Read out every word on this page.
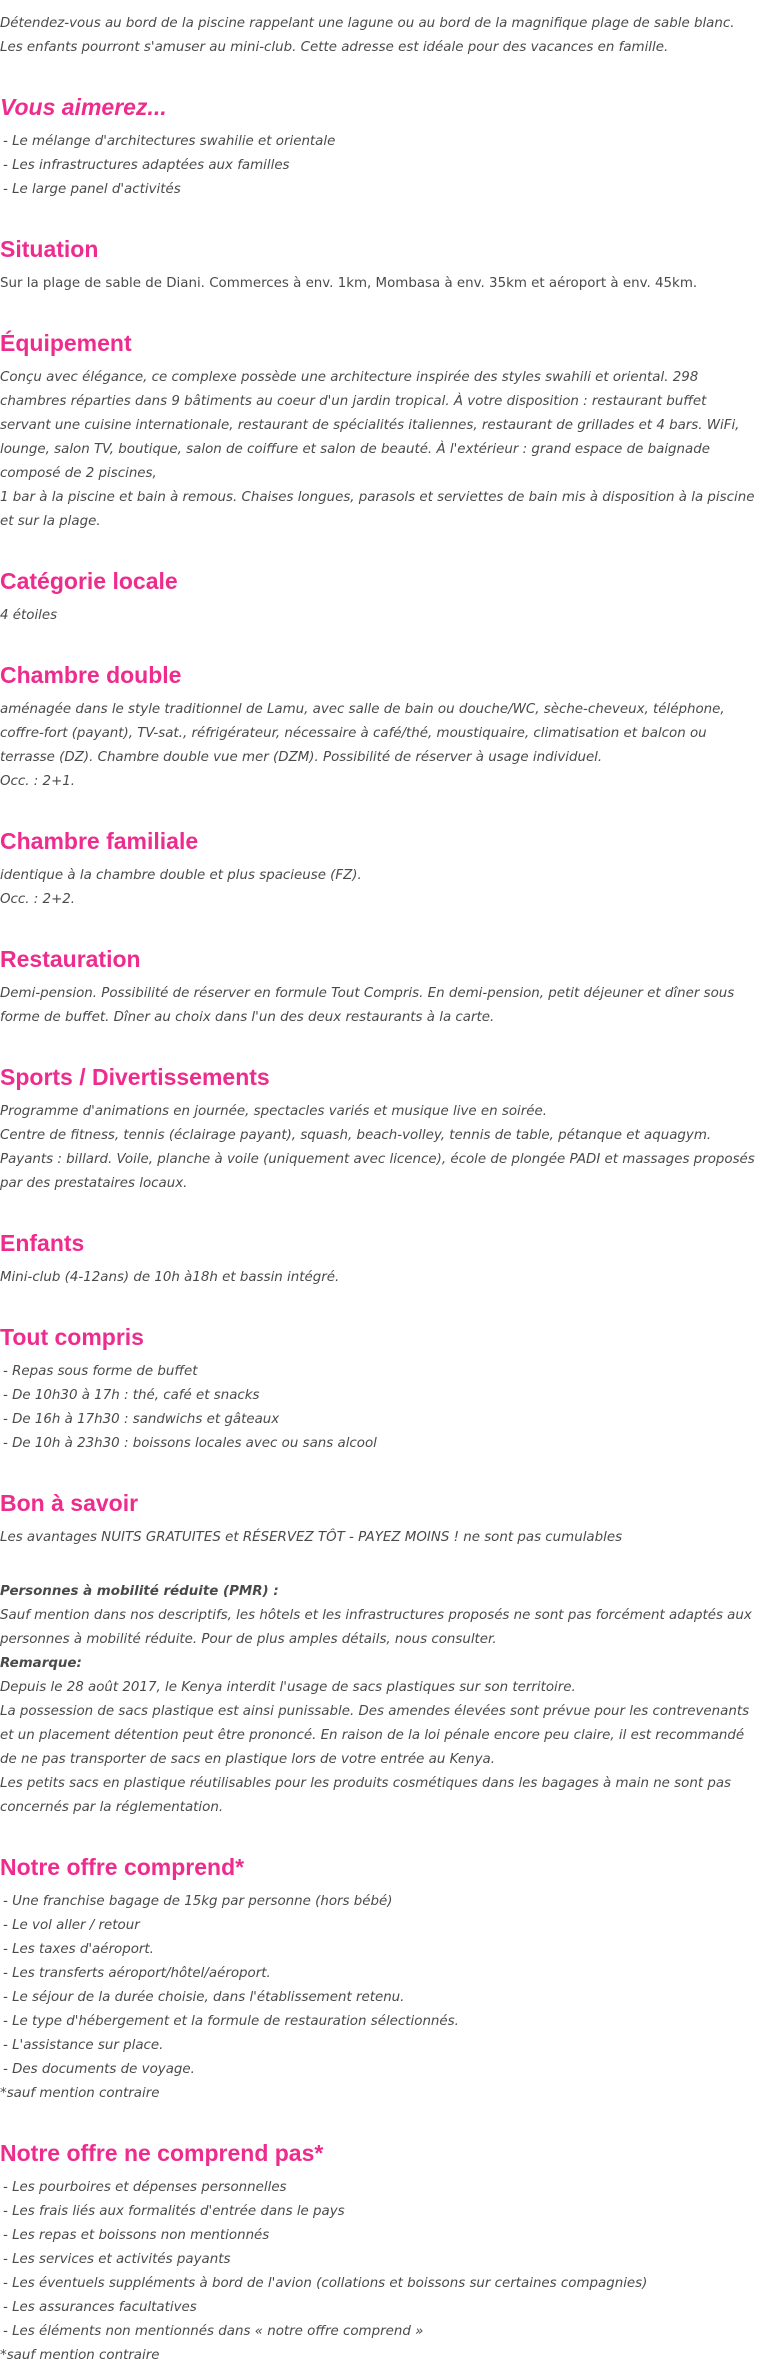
Détendez-vous au bord de la piscine rappelant une lagune ou au bord de la magnifique plage de sable blanc. Les enfants pourront s'amuser au mini-club. Cette adresse est idéale pour des vacances en famille.

Vous aimerez...
- Le mélange d'architectures swahilie et orientale
- Les infrastructures adaptées aux familles
- Le large panel d'activités
Situation

Sur la plage de sable de Diani. Commerces à env. 1km, Mombasa à env. 35km et aéroport à env. 45km.

Équipement

Conçu avec élégance, ce complexe possède une architecture inspirée des styles swahili et oriental. 298 chambres réparties dans 9 bâtiments au coeur d'un jardin tropical. À votre disposition : restaurant buffet servant une cuisine internationale, restaurant de spécialités italiennes, restaurant de grillades et 4 bars. WiFi, lounge, salon TV, boutique, salon de coiffure et salon de beauté. À l'extérieur : grand espace de baignade composé de 2 piscines,

1 bar à la piscine et bain à remous. Chaises longues, parasols et serviettes de bain mis à disposition à la piscine et sur la plage.

Catégorie locale

4 étoiles

Chambre double

aménagée dans le style traditionnel de Lamu, avec salle de bain ou douche/WC, sèche-cheveux, téléphone, coffre-fort (payant), TV-sat., réfrigérateur, nécessaire à café/thé, moustiquaire, climatisation et balcon ou terrasse (DZ). Chambre double vue mer (DZM). Possibilité de réserver à usage individuel.

Occ. : 2+1.

Chambre familiale

identique à la chambre double et plus spacieuse (FZ).

Occ. : 2+2.

Restauration

Demi-pension. Possibilité de réserver en formule Tout Compris. En demi-pension, petit déjeuner et dîner sous forme de buffet. Dîner au choix dans l'un des deux restaurants à la carte.

Sports / Divertissements

Programme d'animations en journée, spectacles variés et musique live en soirée.

Centre de fitness, tennis (éclairage payant), squash, beach-volley, tennis de table, pétanque et aquagym.

Payants : billard. Voile, planche à voile (uniquement avec licence), école de plongée PADI et massages proposés par des prestataires locaux.

Enfants

Mini-club (4-12ans) de 10h à18h et bassin intégré.

Tout compris
- Repas sous forme de buffet
- De 10h30 à 17h : thé, café et snacks
- De 16h à 17h30 : sandwichs et gâteaux
- De 10h à 23h30 : boissons locales avec ou sans alcool
Bon à savoir

Les avantages NUITS GRATUITES et RÉSERVEZ TÔT - PAYEZ MOINS ! ne sont pas cumulables

Personnes à mobilité réduite (PMR) :

Sauf mention dans nos descriptifs, les hôtels et les infrastructures proposés ne sont pas forcément adaptés aux personnes à mobilité réduite. Pour de plus amples détails, nous consulter.

Remarque:

Depuis le 28 août 2017, le Kenya interdit l'usage de sacs plastiques sur son territoire.

La possession de sacs plastique est ainsi punissable. Des amendes élevées sont prévue pour les contrevenants et un placement détention peut être prononcé. En raison de la loi pénale encore peu claire, il est recommandé de ne pas transporter de sacs en plastique lors de votre entrée au Kenya.

Les petits sacs en plastique réutilisables pour les produits cosmétiques dans les bagages à main ne sont pas concernés par la réglementation.

Notre offre comprend*
- Une franchise bagage de 15kg par personne (hors bébé)
- Le vol aller / retour
- Les taxes d'aéroport.
- Les transferts aéroport/hôtel/aéroport.
- Le séjour de la durée choisie, dans l'établissement retenu.
- Le type d'hébergement et la formule de restauration sélectionnés.
- L'assistance sur place.
- Des documents de voyage.

*sauf mention contraire

Notre offre ne comprend pas*
- Les pourboires et dépenses personnelles
- Les frais liés aux formalités d'entrée dans le pays
- Les repas et boissons non mentionnés
- Les services et activités payants
- Les éventuels suppléments à bord de l'avion (collations et boissons sur certaines compagnies)
- Les assurances facultatives
- Les éléments non mentionnés dans « notre offre comprend »

*sauf mention contraire
